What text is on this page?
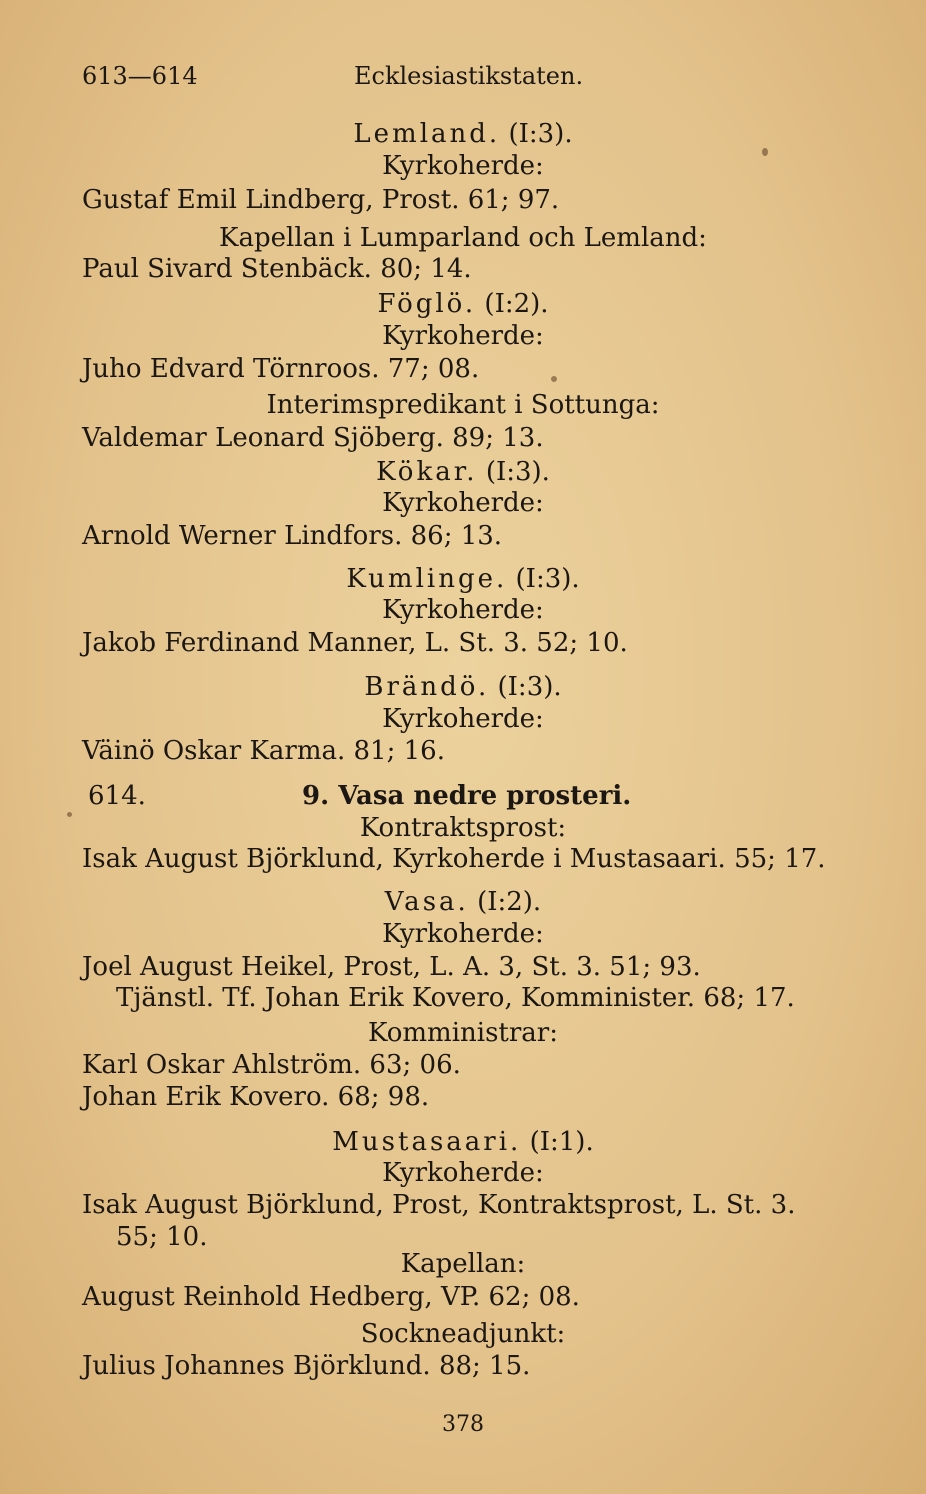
613—614	Ecklesiastikstaten.
Lemland. (I:3).
Kyrkoherde:
Gustaf Emil Lindberg, Prost. 61; 97.
Kapellan i Lumparland och Lemland:
Paul Sivard Stenbäck. 80; 14.
Föglö. (I:2).
Kyrkoherde:
Juho Edvard Törnroos. 77; 08.
Interimspredikant i Sottunga:
Valdemar Leonard Sjöberg. 89; 13.
Kökar. (I:3).
Kyrkoherde:
Arnold Werner Lindfors. 86; 13.
Kumlinge. (I:3).
Kyrkoherde:
Jakob Ferdinand Manner, L. St. 3. 52; 10.
Brändö. (I:3).
Kyrkoherde:
Väinö Oskar Karma. 81; 16.
614.	9. Vasa nedre prosteri.
Kontraktsprost:
Isak August Björklund, Kyrkoherde i Mustasaari. 55; 17.
Vasa. (I:2).
Kyrkoherde:
Joel August Heikel, Prost, L. A. 3, St. 3. 51; 93.
Tjänstl. Tf. Johan Erik Kovero, Komminister. 68; 17.
Komministrar:
Karl Oskar Ahlström. 63; 06.
Johan Erik Kovero. 68; 98.
Mustasaari. (I:1).
Kyrkoherde:
Isak August Björklund, Prost, Kontraktsprost, L. St. 3.
55; 10.
Kapellan:
August Reinhold Hedberg, VP. 62; 08.
Sockneadjunkt:
Julius Johannes Björklund. 88; 15.
378
